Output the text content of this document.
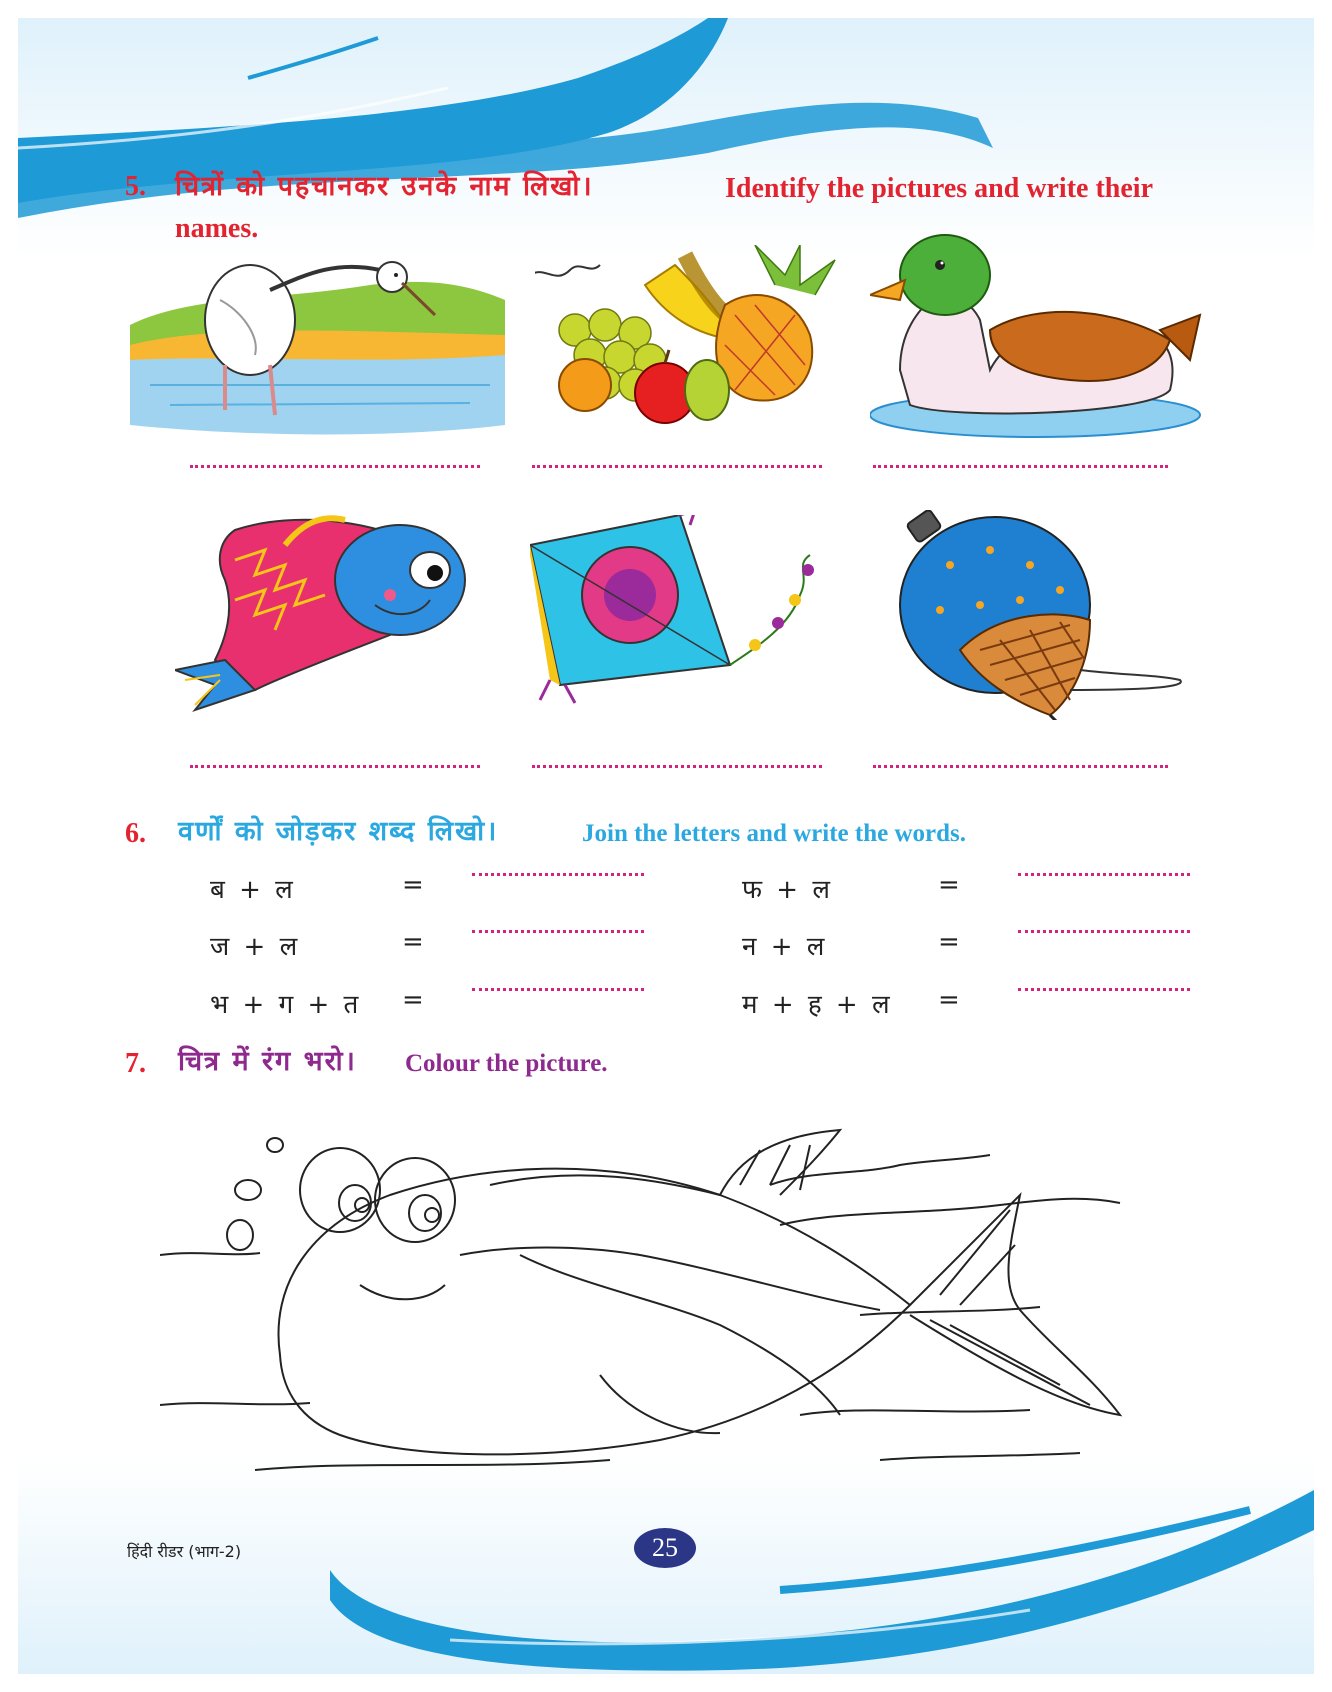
5. चित्रों को पहचानकर उनके नाम लिखो।	Identify the pictures and write their
names.
6. वर्णों को जोड़कर शब्द लिखो।	Join the letters and write the words.
ब + ल	=
ज + ल	=
भ + ग + त =
फ + ल	=
न + ल	=
म + ह + ल =
7. चित्र में रंग भरो। Colour the picture.
हिंदी रीडर (भाग-2)	25
